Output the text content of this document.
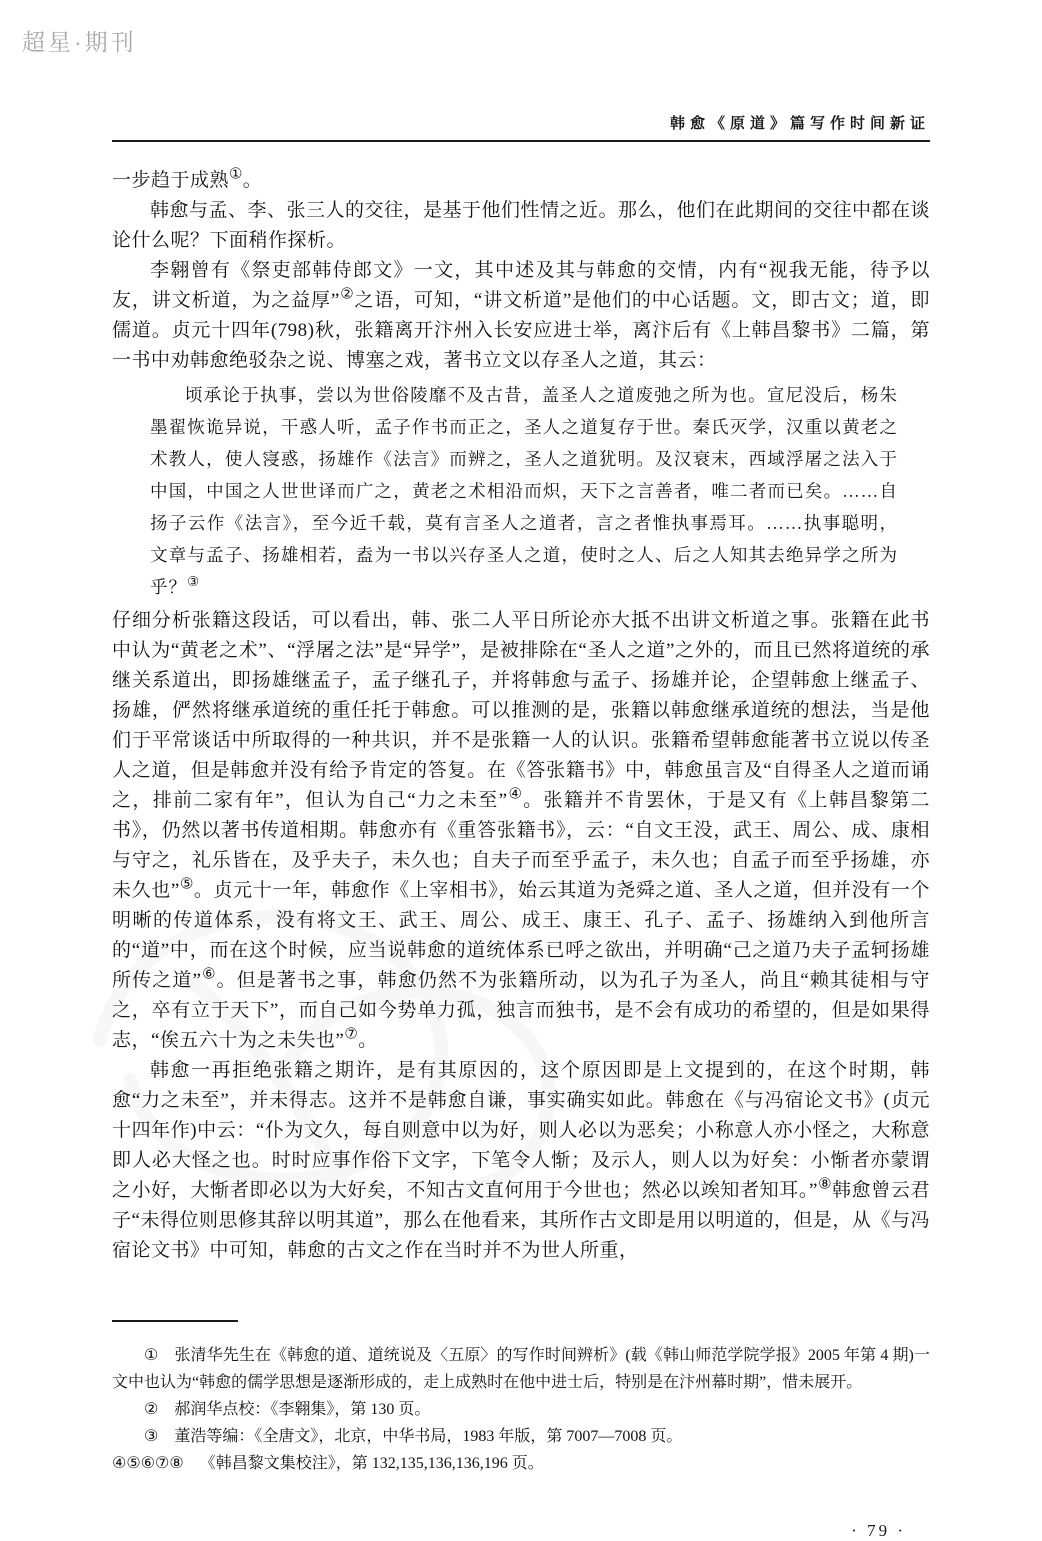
超星·期刊
韩愈《原道》篇写作时间新证

一步趋于成熟①。

韩愈与孟、李、张三人的交往，是基于他们性情之近。那么，他们在此期间的交往中都在谈论什么呢？下面稍作探析。

李翱曾有《祭吏部韩侍郎文》一文，其中述及其与韩愈的交情，内有“视我无能，待予以友，讲文析道，为之益厚”②之语，可知，“讲文析道”是他们的中心话题。文，即古文；道，即儒道。贞元十四年(798)秋，张籍离开汴州入长安应进士举，离汴后有《上韩昌黎书》二篇，第一书中劝韩愈绝驳杂之说、博塞之戏，著书立文以存圣人之道，其云：

顷承论于执事，尝以为世俗陵靡不及古昔，盖圣人之道废弛之所为也。宣尼没后，杨朱墨翟恢诡异说，干惑人听，孟子作书而正之，圣人之道复存于世。秦氏灭学，汉重以黄老之术教人，使人寖惑，扬雄作《法言》而辨之，圣人之道犹明。及汉衰末，西域浮屠之法入于中国，中国之人世世译而广之，黄老之术相沿而炽，天下之言善者，唯二者而已矣。……自扬子云作《法言》，至今近千载，莫有言圣人之道者，言之者惟执事焉耳。……执事聪明，文章与孟子、扬雄相若，盍为一书以兴存圣人之道，使时之人、后之人知其去绝异学之所为乎？③

仔细分析张籍这段话，可以看出，韩、张二人平日所论亦大抵不出讲文析道之事。张籍在此书中认为“黄老之术”、“浮屠之法”是“异学”，是被排除在“圣人之道”之外的，而且已然将道统的承继关系道出，即扬雄继孟子，孟子继孔子，并将韩愈与孟子、扬雄并论，企望韩愈上继孟子、扬雄，俨然将继承道统的重任托于韩愈。可以推测的是，张籍以韩愈继承道统的想法，当是他们于平常谈话中所取得的一种共识，并不是张籍一人的认识。张籍希望韩愈能著书立说以传圣人之道，但是韩愈并没有给予肯定的答复。在《答张籍书》中，韩愈虽言及“自得圣人之道而诵之，排前二家有年”，但认为自己“力之未至”④。张籍并不肯罢休，于是又有《上韩昌黎第二书》，仍然以著书传道相期。韩愈亦有《重答张籍书》，云：“自文王没，武王、周公、成、康相与守之，礼乐皆在，及乎夫子，未久也；自夫子而至乎孟子，未久也；自孟子而至乎扬雄，亦未久也”⑤。贞元十一年，韩愈作《上宰相书》，始云其道为尧舜之道、圣人之道，但并没有一个明晰的传道体系，没有将文王、武王、周公、成王、康王、孔子、孟子、扬雄纳入到他所言的“道”中，而在这个时候，应当说韩愈的道统体系已呼之欲出，并明确“己之道乃夫子孟轲扬雄所传之道”⑥。但是著书之事，韩愈仍然不为张籍所动，以为孔子为圣人，尚且“赖其徒相与守之，卒有立于天下”，而自己如今势单力孤，独言而独书，是不会有成功的希望的，但是如果得志，“俟五六十为之未失也”⑦。

韩愈一再拒绝张籍之期许，是有其原因的，这个原因即是上文提到的，在这个时期，韩愈“力之未至”，并未得志。这并不是韩愈自谦，事实确实如此。韩愈在《与冯宿论文书》(贞元十四年作)中云：“仆为文久，每自则意中以为好，则人必以为恶矣；小称意人亦小怪之，大称意即人必大怪之也。时时应事作俗下文字，下笔令人惭；及示人，则人以为好矣：小惭者亦蒙谓之小好，大惭者即必以为大好矣，不知古文直何用于今世也；然必以竢知者知耳。”⑧韩愈曾云君子“未得位则思修其辞以明其道”，那么在他看来，其所作古文即是用以明道的，但是，从《与冯宿论文书》中可知，韩愈的古文之作在当时并不为世人所重，

① 张清华先生在《韩愈的道、道统说及〈五原〉的写作时间辨析》(载《韩山师范学院学报》2005 年第 4 期)一文中也认为“韩愈的儒学思想是逐渐形成的，走上成熟时在他中进士后，特别是在汴州幕时期”，惜未展开。

② 郝润华点校：《李翱集》，第 130 页。

③ 董浩等编：《全唐文》，北京，中华书局，1983 年版，第 7007—7008 页。

④⑤⑥⑦⑧ 《韩昌黎文集校注》，第 132,135,136,136,196 页。

· 79 ·
